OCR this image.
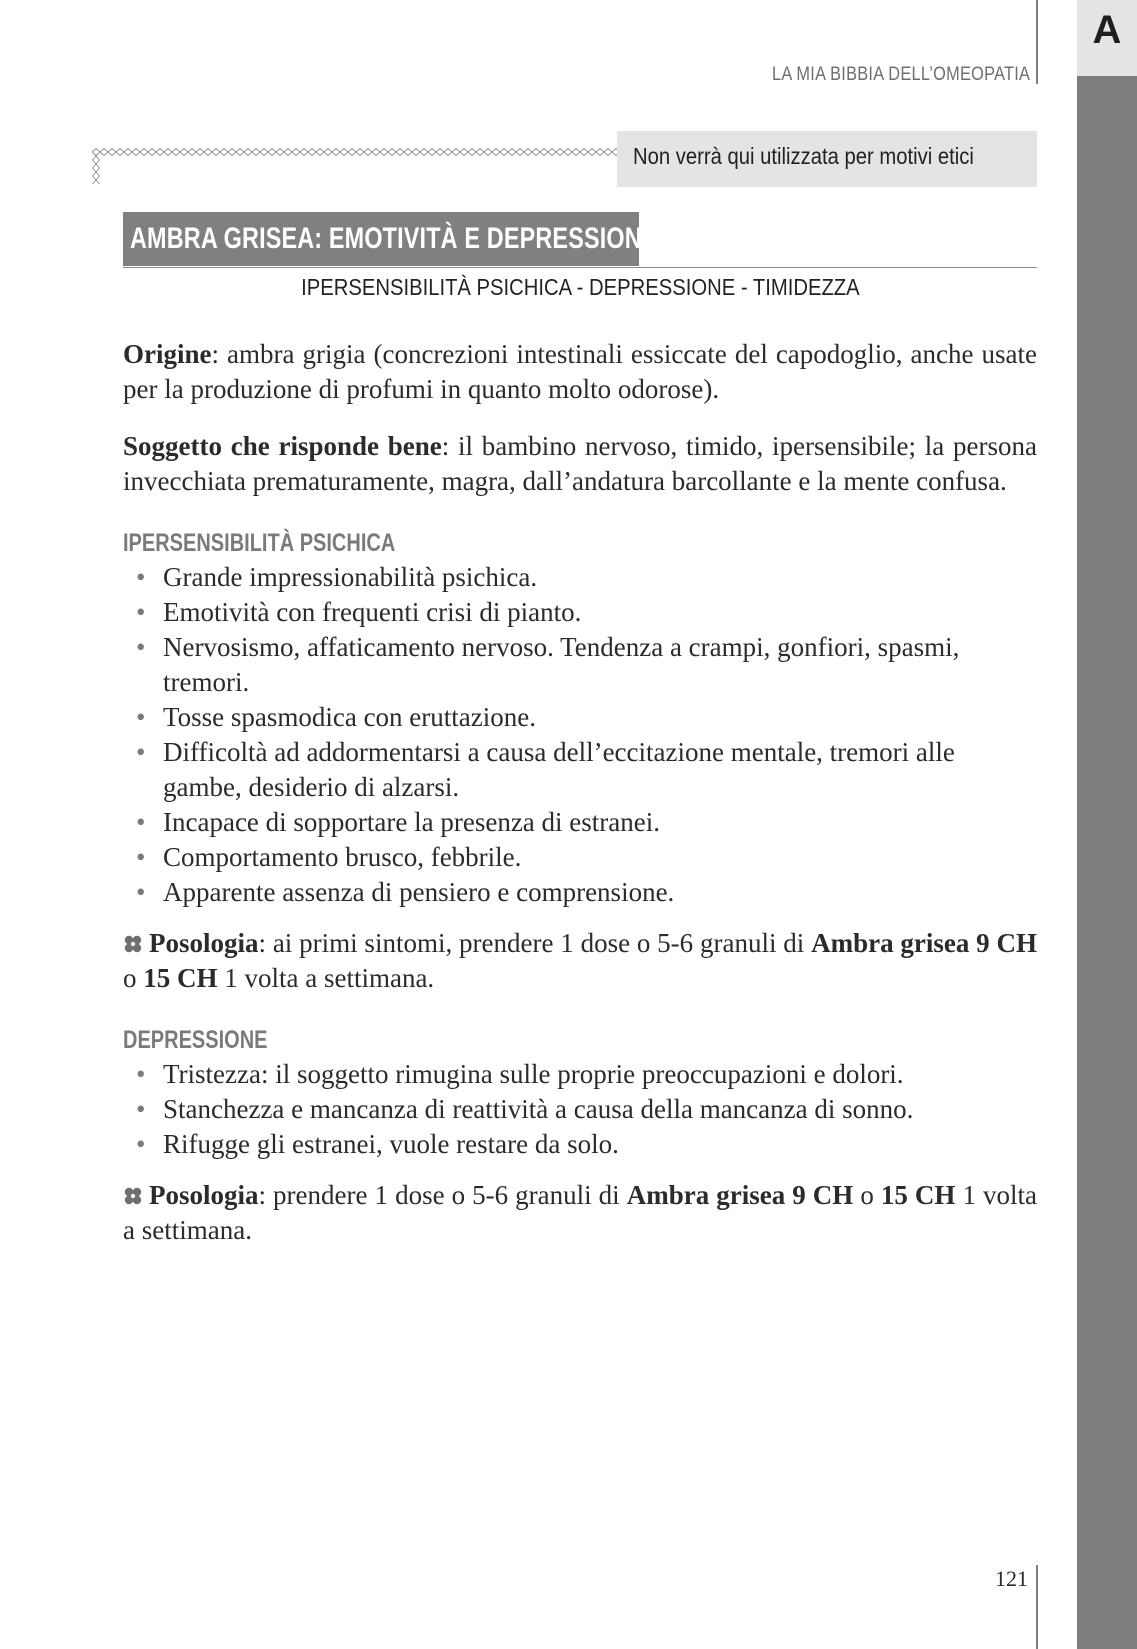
A
LA MIA BIBBIA DELL’OMEOPATIA
Non verrà qui utilizzata per motivi etici
AMBRA GRISEA: EMOTIVITÀ E DEPRESSIONE
IPERSENSIBILITÀ PSICHICA - DEPRESSIONE - TIMIDEZZA

Origine: ambra grigia (concrezioni intestinali essiccate del capodoglio, anche usate per la produzione di profumi in quanto molto odorose).

Soggetto che risponde bene: il bambino nervoso, timido, ipersensibile; la persona invecchiata prematuramente, magra, dall’andatura barcollante e la mente confusa.

IPERSENSIBILITÀ PSICHICA
• Grande impressionabilità psichica.
• Emotività con frequenti crisi di pianto.
• Nervosismo, affaticamento nervoso. Tendenza a crampi, gonfiori, spasmi, tremori.
• Tosse spasmodica con eruttazione.
• Difficoltà ad addormentarsi a causa dell’eccitazione mentale, tremori alle gambe, desiderio di alzarsi.
• Incapace di sopportare la presenza di estranei.
• Comportamento brusco, febbrile.
• Apparente assenza di pensiero e comprensione.

Posologia: ai primi sintomi, prendere 1 dose o 5-6 granuli di Ambra grisea 9 CH o 15 CH 1 volta a settimana.

DEPRESSIONE
• Tristezza: il soggetto rimugina sulle proprie preoccupazioni e dolori.
• Stanchezza e mancanza di reattività a causa della mancanza di sonno.
• Rifugge gli estranei, vuole restare da solo.

Posologia: prendere 1 dose o 5-6 granuli di Ambra grisea 9 CH o 15 CH 1 volta a settimana.

121
